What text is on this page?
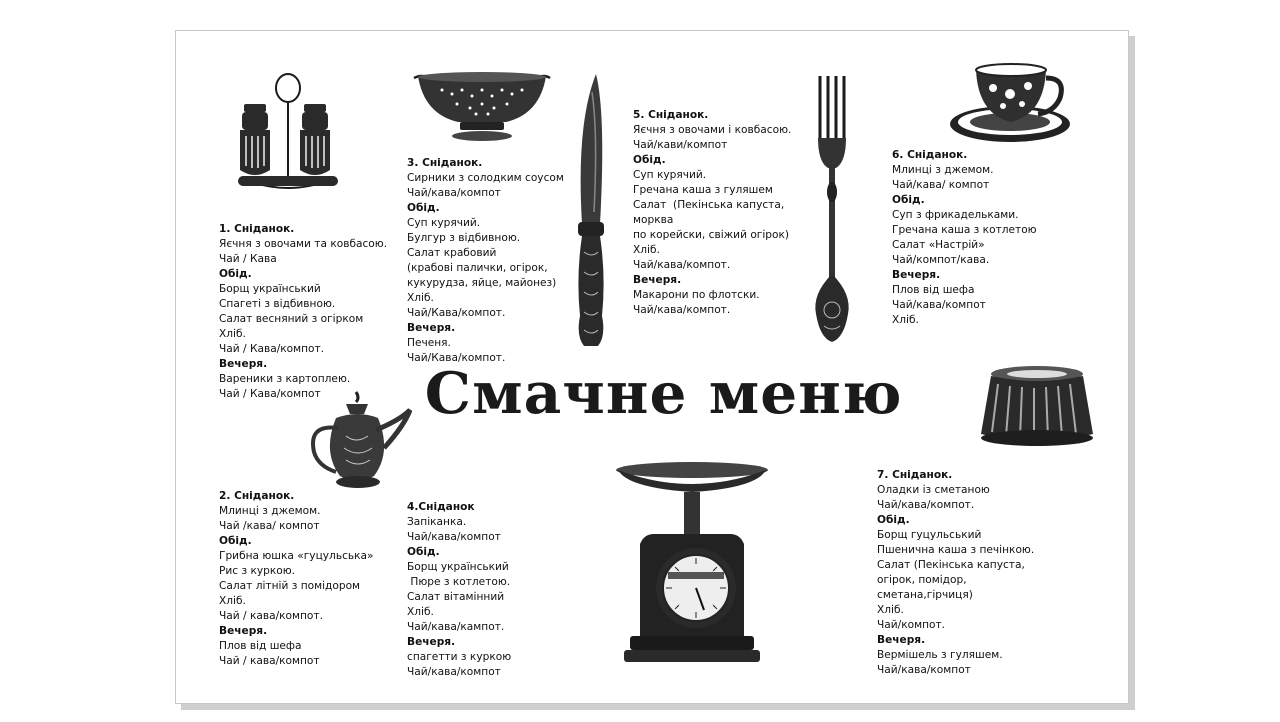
1. Сніданок.
Яєчня з овочами та ковбасою.
Чай / Кава
Обід.
Борщ український
Спагеті з відбивною.
Салат весняний з огірком
Хліб.
Чай / Кава/компот.
Вечеря.
Вареники з картоплею.
Чай / Кава/компот
2. Сніданок.
Млинці з джемом.
Чай /кава/ компот
Обід.
Грибна юшка «гуцульська»
Рис з куркою.
Салат літній з помідором
Хліб.
Чай / кава/компот.
Вечеря.
Плов від шефа
Чай / кава/компот
3. Сніданок.
Сирники з солодким соусом
Чай/кава/компот
Обід.
Суп курячий.
Булгур з відбивною.
Салат крабовий
(крабові палички, огірок,
кукурудза, яйце, майонез)
Хліб.
Чай/Кава/компот.
Вечеря.
Печеня.
Чай/Кава/компот.
4.Сніданок
Запіканка.
Чай/кава/компот
Обід.
Борщ український
Пюре з котлетою.
Салат вітамінний
Хліб.
Чай/кава/кампот.
Вечеря.
спагетти з куркою
Чай/кава/компот
5. Сніданок.
Яєчня з овочами і ковбасою.
Чай/кави/компот
Обід.
Суп курячий.
Гречана каша з гуляшем
Салат  (Пекінська капуста,
морква
по корейски, свіжий огірок)
Хліб.
Чай/кава/компот.
Вечеря.
Макарони по флотски.
Чай/кава/компот.
6. Сніданок.
Млинці з джемом.
Чай/кава/ компот
Обід.
Суп з фрикадельками.
Гречана каша з котлетою
Салат «Настрій»
Чай/компот/кава.
Вечеря.
Плов від шефа
Чай/кава/компот
Хліб.
7. Сніданок.
Оладки із сметаною
Чай/кава/компот.
Обід.
Борщ гуцульський
Пшенична каша з печінкою.
Салат (Пекінська капуста,
огірок, помідор,
сметана,гірчиця)
Хліб.
Чай/компот.
Вечеря.
Вермішель з гуляшем.
Чай/кава/компот
Смачне меню
